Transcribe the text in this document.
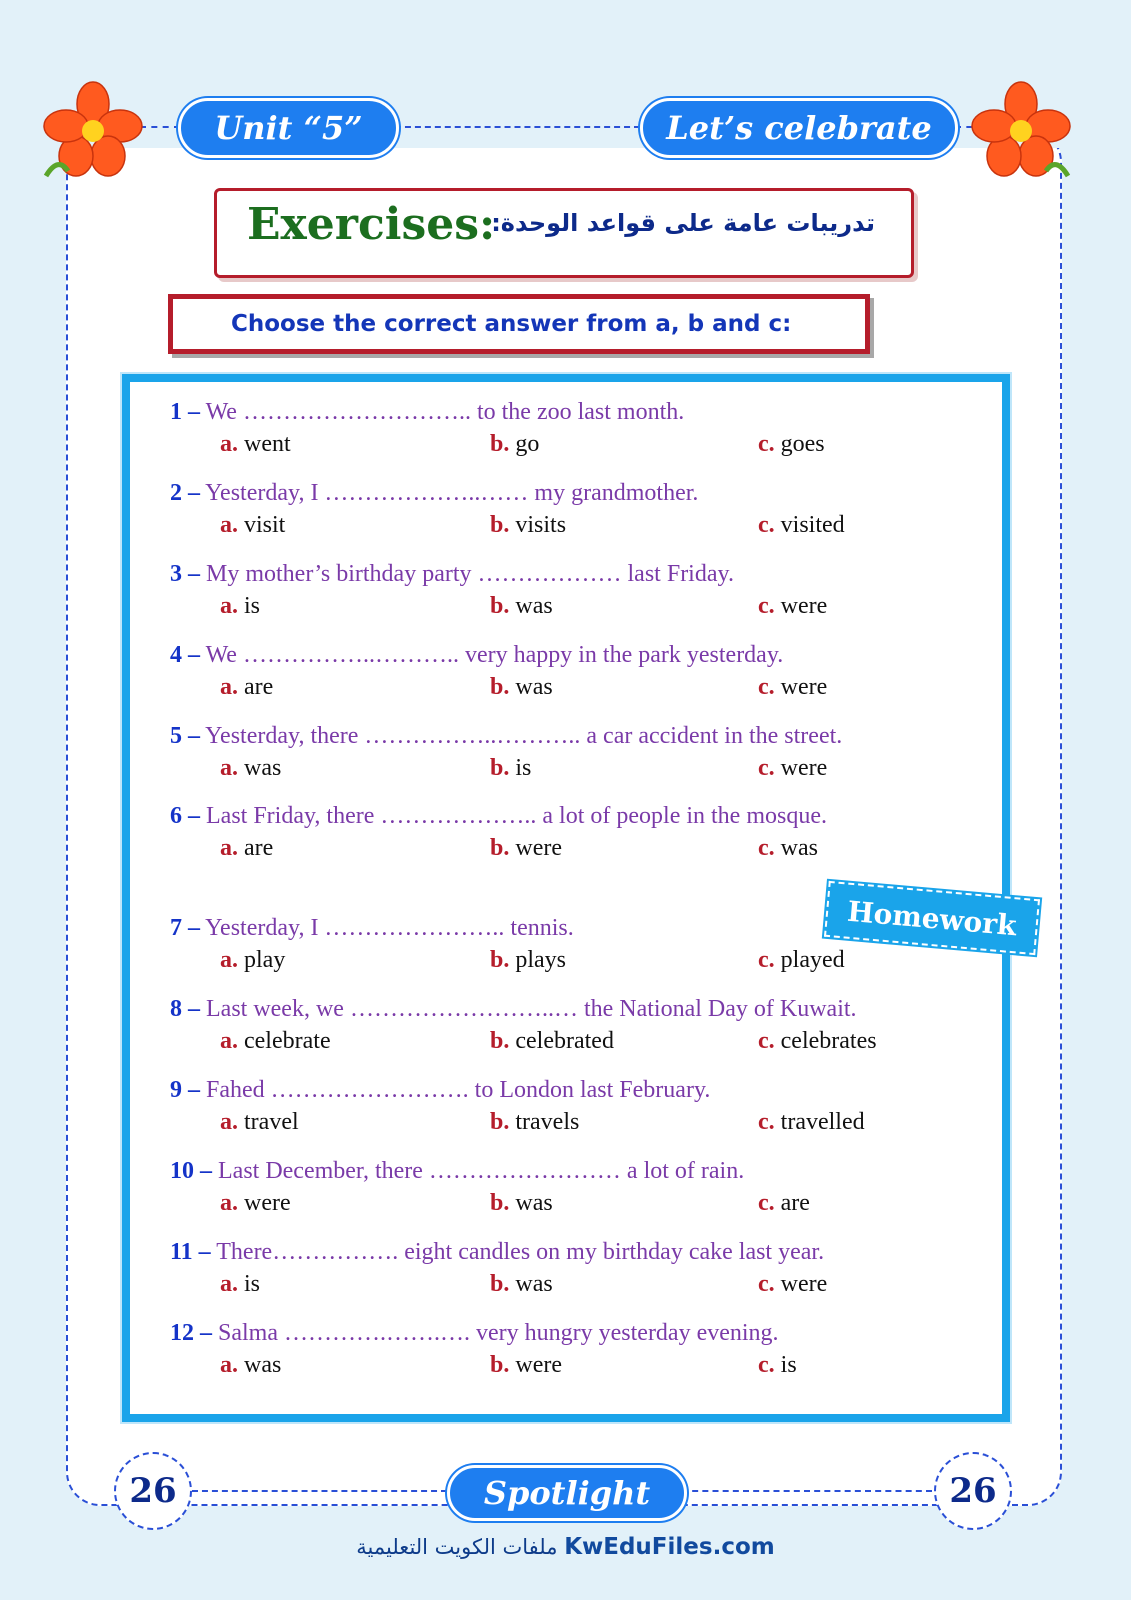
Unit “5”	Let’s celebrate
Exercises:
تدريبات عامة على قواعد الوحدة:
Choose the correct answer from a, b and c:
1 – We ……………………….. to the zoo last month.
a. went	b. go	c. goes
2 – Yesterday, I ………………..…… my grandmother.
a. visit	b. visits	c. visited
3 – My mother’s birthday party ……………… last Friday.
a. is	b. was	c. were
4 – We ……………..……….. very happy in the park yesterday.
a. are	b. was	c. were
5 – Yesterday, there ……………..……….. a car accident in the street.
a. was	b. is	c. were
6 – Last Friday, there ……………….. a lot of people in the mosque.
a. are	b. were	c. was
7 – Yesterday, I ………………….. tennis.
a. play	b. plays	c. played
8 – Last week, we ……………………..… the National Day of Kuwait.
a. celebrate	b. celebrated	c. celebrates
9 – Fahed ……………………. to London last February.
a. travel	b. travels	c. travelled
10 – Last December, there …………………… a lot of rain.
a. were	b. was	c. are
11 – There……………. eight candles on my birthday cake last year.
a. is	b. was	c. were
12 – Salma ………….…….…. very hungry yesterday evening.
a. was	b. were	c. is
Homework
26	26
Spotlight
ملفات الكويت التعليمية KwEduFiles.com
